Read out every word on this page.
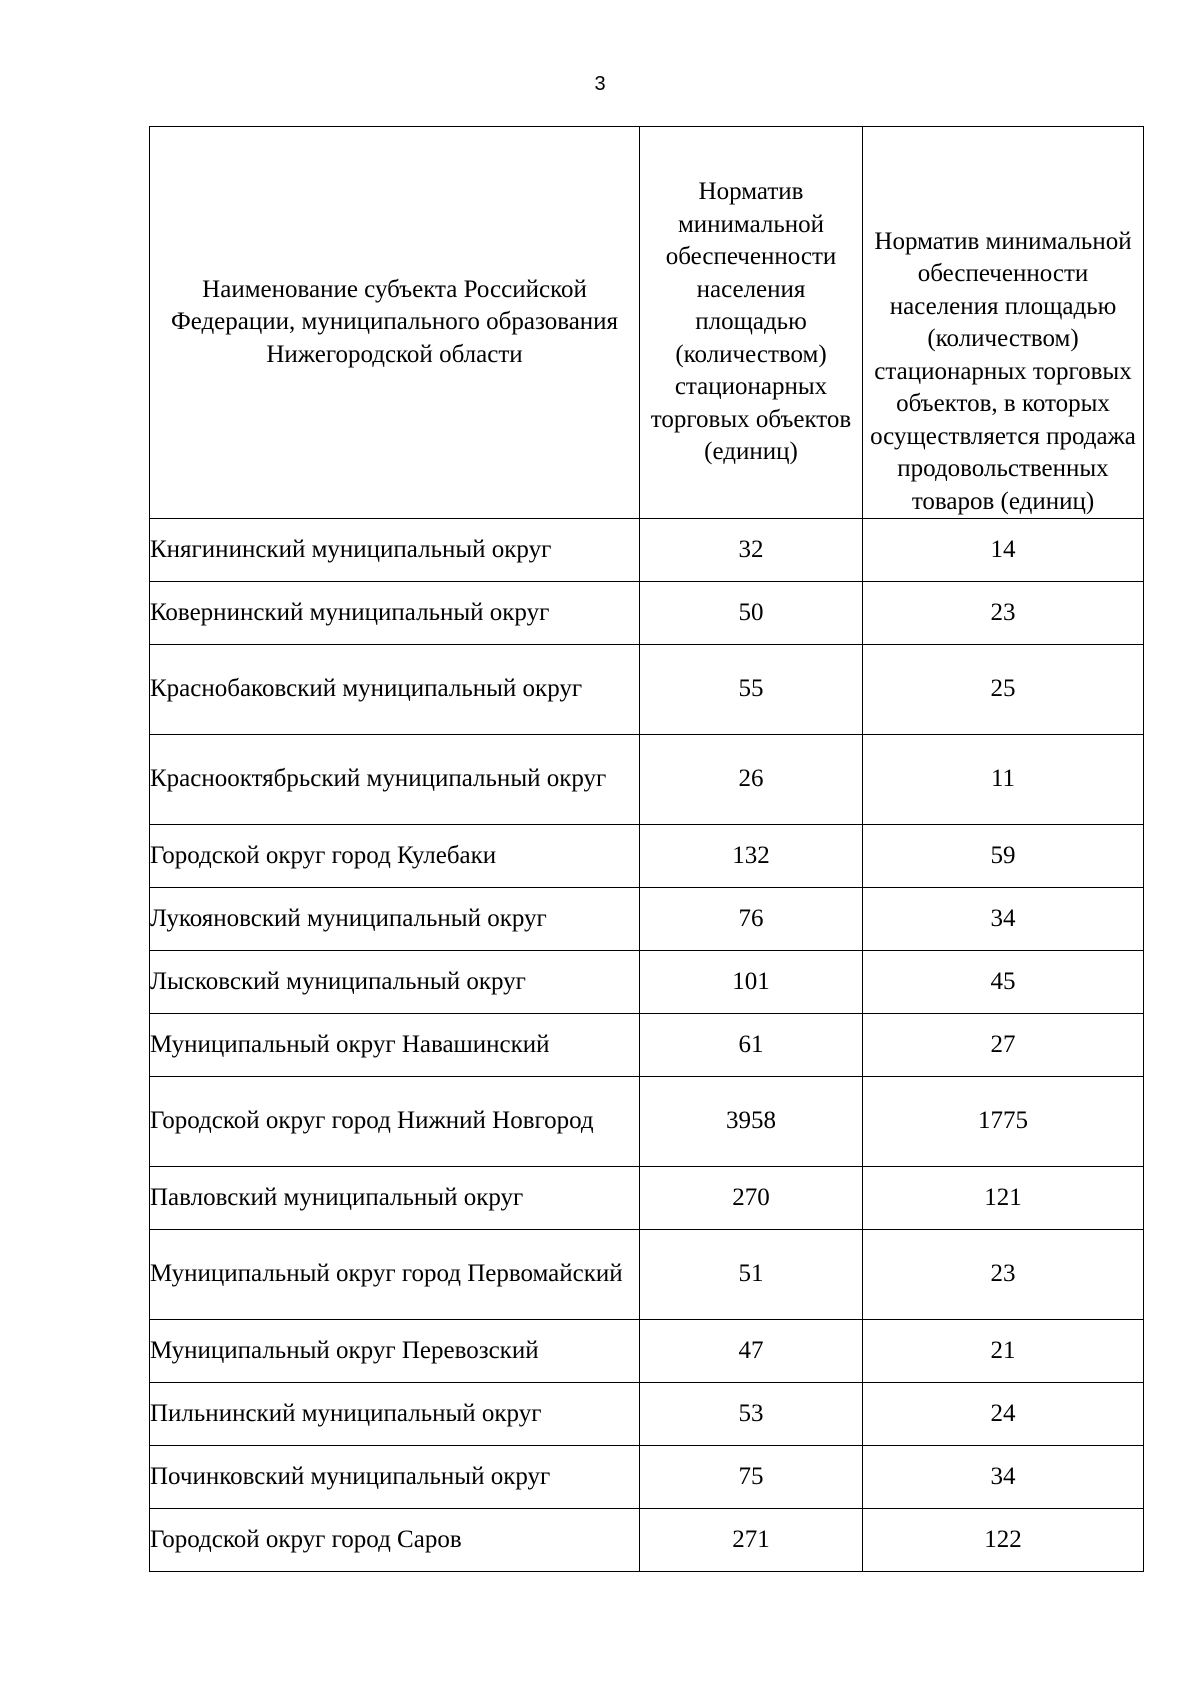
3
Наименование субъекта Российской Федерации, муниципального образования Нижегородской области	Норматив минимальной обеспеченности населения площадью (количеством) стационарных торговых объектов (единиц)	Норматив минимальной обеспеченности населения площадью (количеством) стационарных торговых объектов, в которых осуществляется продажа продовольственных товаров (единиц)
Княгининский муниципальный округ	32	14
Ковернинский муниципальный округ	50	23
Краснобаковский муниципальный округ	55	25
Краснооктябрьский муниципальный округ	26	11
Городской округ город Кулебаки	132	59
Лукояновский муниципальный округ	76	34
Лысковский муниципальный округ	101	45
Муниципальный округ Навашинский	61	27
Городской округ город Нижний Новгород	3958	1775
Павловский муниципальный округ	270	121
Муниципальный округ город Первомайский	51	23
Муниципальный округ Перевозский	47	21
Пильнинский муниципальный округ	53	24
Починковский муниципальный округ	75	34
Городской округ город Саров	271	122
